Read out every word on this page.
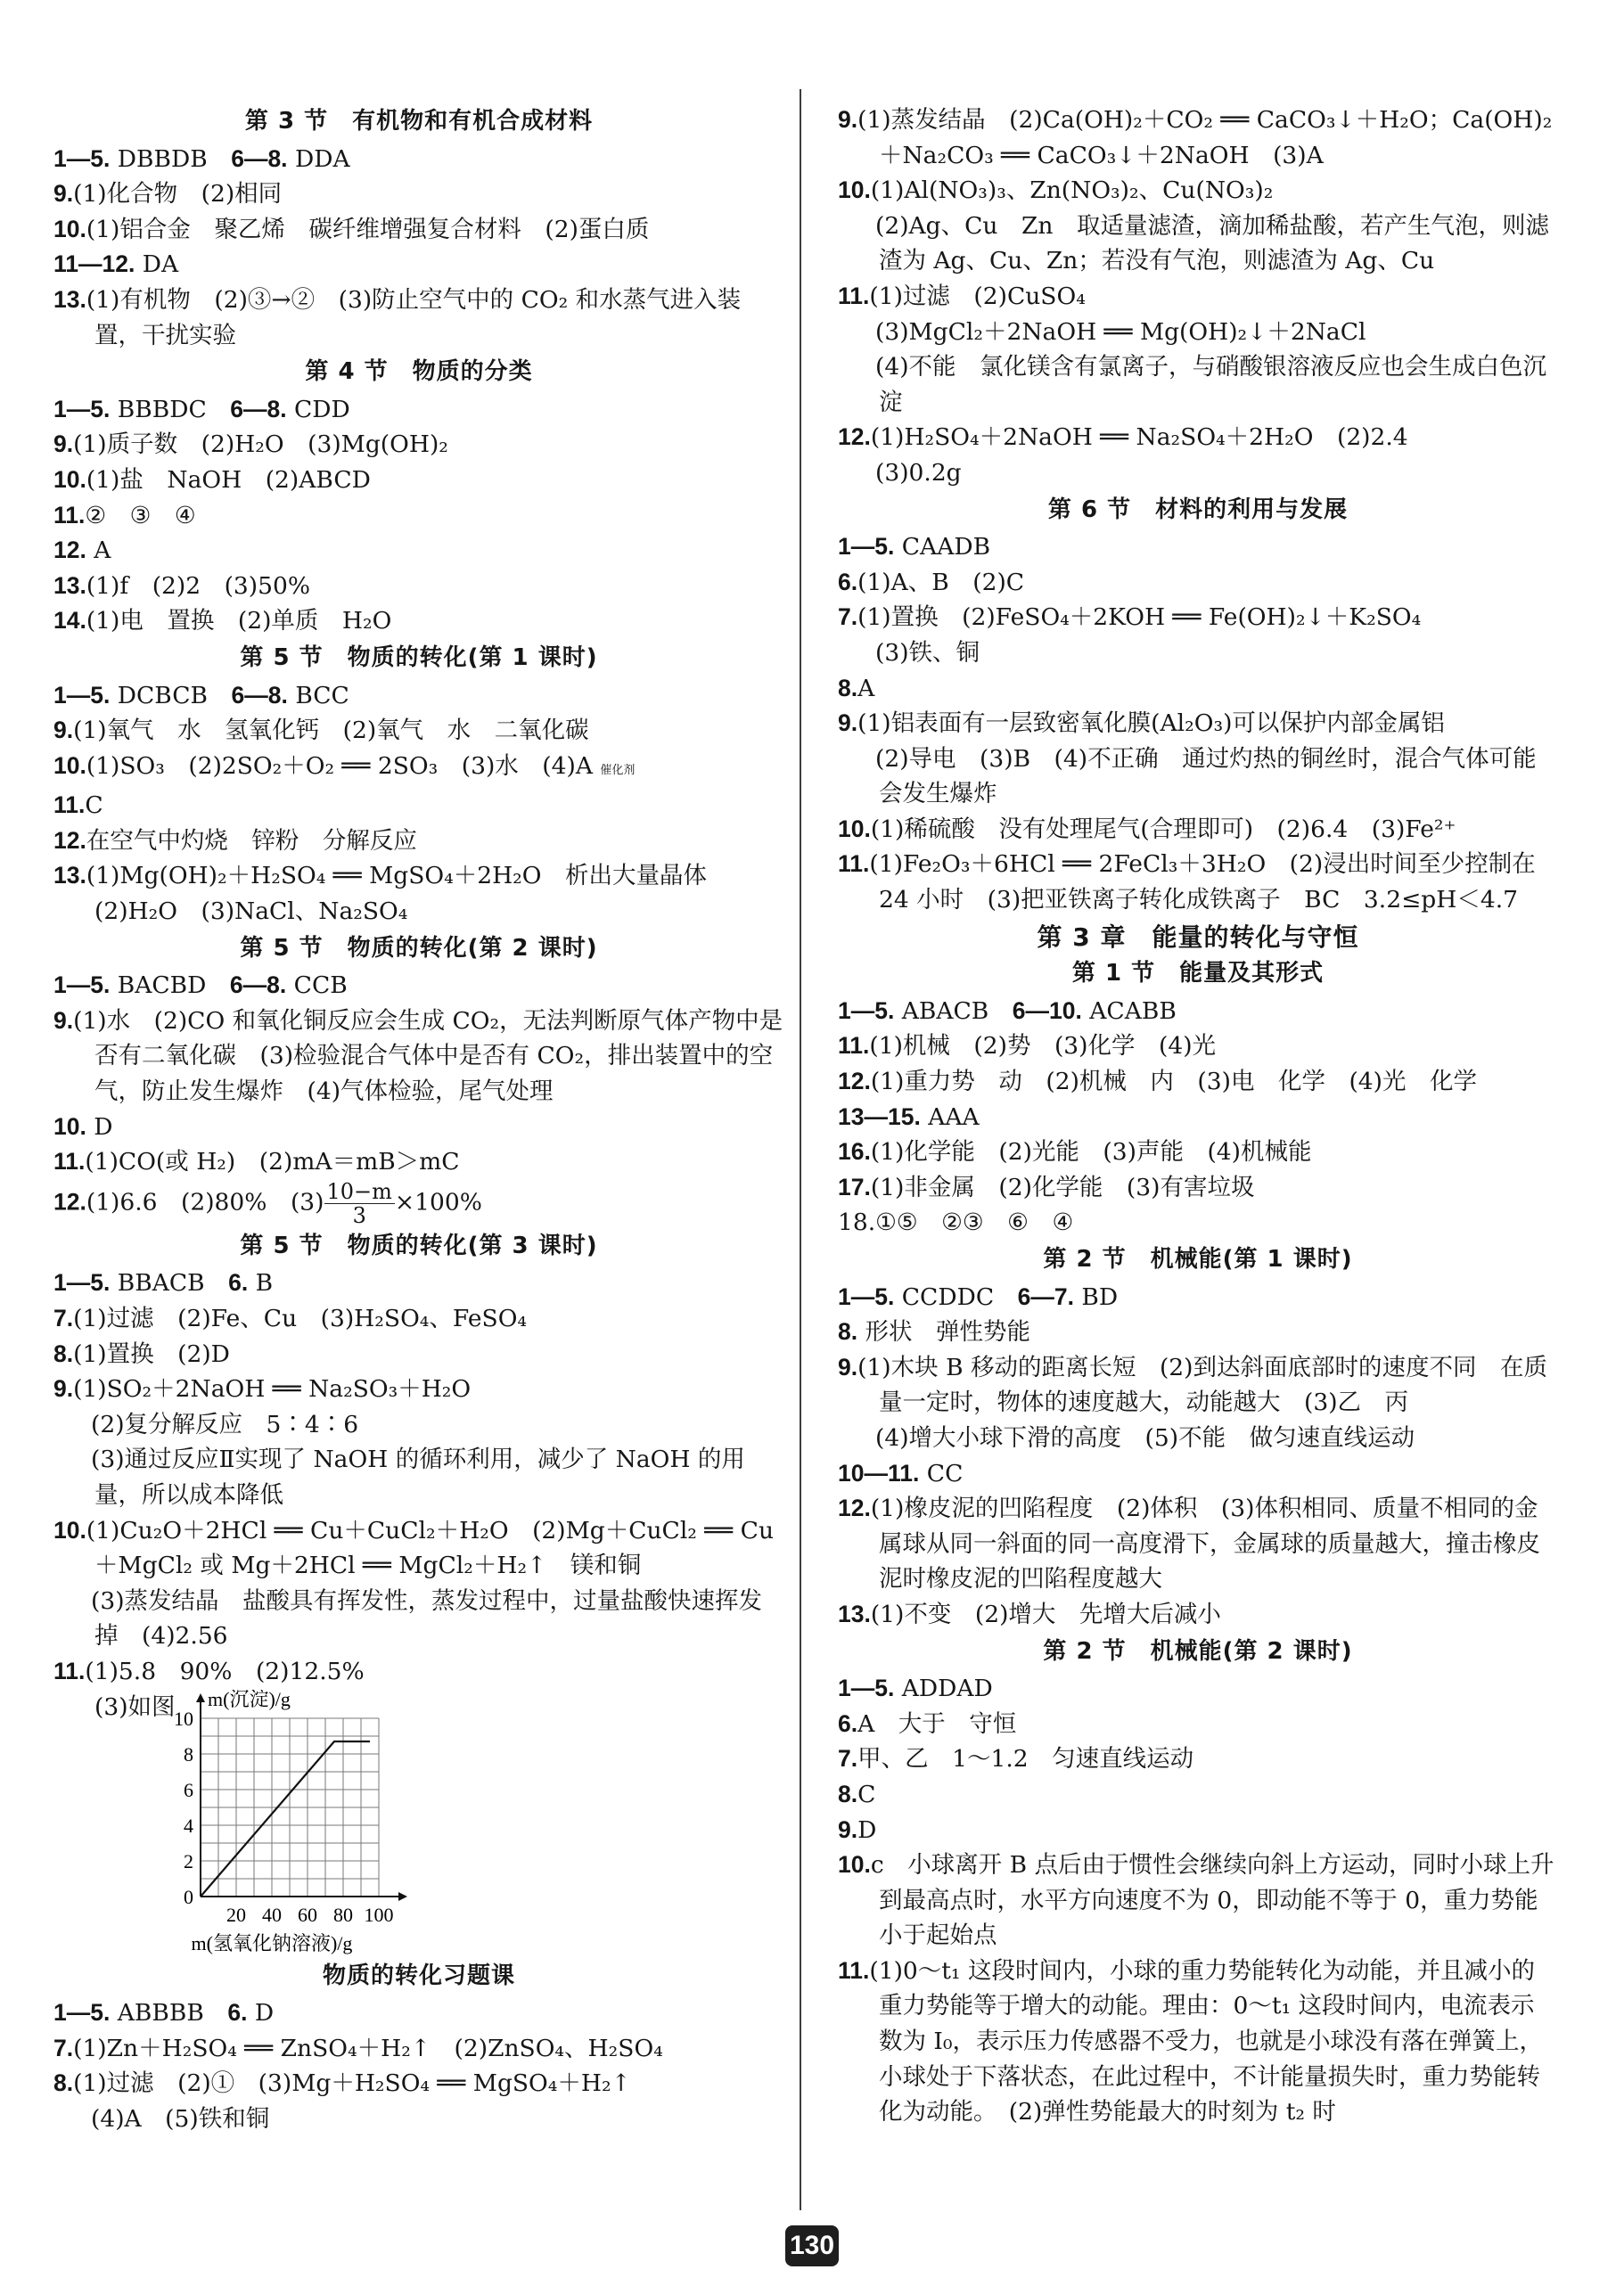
第 3 节　有机物和有机合成材料
1—5. DBBDB　6—8. DDA
9.(1)化合物　(2)相同
10.(1)铝合金　聚乙烯　碳纤维增强复合材料　(2)蛋白质
11—12. DA
13.(1)有机物　(2)③→②　(3)防止空气中的 CO₂ 和水蒸气进入装置，干扰实验
第 4 节　物质的分类
1—5. BBBDC　6—8. CDD
9.(1)质子数　(2)H₂O　(3)Mg(OH)₂
10.(1)盐　NaOH　(2)ABCD
11.②　③　④
12. A
13.(1)f　(2)2　(3)50%
14.(1)电　置换　(2)单质　H₂O
第 5 节　物质的转化(第 1 课时)
1—5. DCBCB　6—8. BCC
9.(1)氧气　水　氢氧化钙　(2)氧气　水　二氧化碳
10.(1)SO₃　(2)2SO₂＋O₂ ══ 2SO₃　(3)水　(4)A 催化剂
11.C
12.在空气中灼烧　锌粉　分解反应
13.(1)Mg(OH)₂＋H₂SO₄ ══ MgSO₄＋2H₂O　析出大量晶体　(2)H₂O　(3)NaCl、Na₂SO₄
第 5 节　物质的转化(第 2 课时)
1—5. BACBD　6—8. CCB
9.(1)水　(2)CO 和氧化铜反应会生成 CO₂，无法判断原气体产物中是否有二氧化碳　(3)检验混合气体中是否有 CO₂，排出装置中的空气，防止发生爆炸　(4)气体检验，尾气处理
10. D
11.(1)CO(或 H₂)　(2)mA＝mB＞mC
12.(1)6.6　(2)80%　$(3) \frac{10-m}{3} \times 100\%$
第 5 节　物质的转化(第 3 课时)
1—5. BBACB　6. B
7.(1)过滤　(2)Fe、Cu　(3)H₂SO₄、FeSO₄
8.(1)置换　(2)D
9.(1)SO₂＋2NaOH ══ Na₂SO₃＋H₂O
(2)复分解反应　5∶4∶6
(3)通过反应Ⅱ实现了 NaOH 的循环利用，减少了 NaOH 的用量，所以成本降低
10.(1)Cu₂O＋2HCl ══ Cu＋CuCl₂＋H₂O　(2)Mg＋CuCl₂ ══ Cu＋MgCl₂ 或 Mg＋2HCl ══ MgCl₂＋H₂↑　镁和铜
(3)蒸发结晶　盐酸具有挥发性，蒸发过程中，过量盐酸快速挥发掉　(4)2.56
11.(1)5.8　90%　(2)12.5%
(3)如图
0
2
4
6
8
10
20 40 60 80 100
m(沉淀)/g
m(氢氧化钠溶液)/g
物质的转化习题课
1—5. ABBBB　6. D
7.(1)Zn＋H₂SO₄ ══ ZnSO₄＋H₂↑　(2)ZnSO₄、H₂SO₄
8.(1)过滤　(2)①　(3)Mg＋H₂SO₄ ══ MgSO₄＋H₂↑
(4)A　(5)铁和铜
9.(1)蒸发结晶　(2)Ca(OH)₂＋CO₂ ══ CaCO₃↓＋H₂O；Ca(OH)₂＋Na₂CO₃ ══ CaCO₃↓＋2NaOH　(3)A
10.(1)Al(NO₃)₃、Zn(NO₃)₂、Cu(NO₃)₂
(2)Ag、Cu　Zn　取适量滤渣，滴加稀盐酸，若产生气泡，则滤渣为 Ag、Cu、Zn；若没有气泡，则滤渣为 Ag、Cu
11.(1)过滤　(2)CuSO₄
(3)MgCl₂＋2NaOH ══ Mg(OH)₂↓＋2NaCl
(4)不能　氯化镁含有氯离子，与硝酸银溶液反应也会生成白色沉淀
12.(1)H₂SO₄＋2NaOH ══ Na₂SO₄＋2H₂O　(2)2.4
(3)0.2g
第 6 节　材料的利用与发展
1—5. CAADB
6.(1)A、B　(2)C
7.(1)置换　(2)FeSO₄＋2KOH ══ Fe(OH)₂↓＋K₂SO₄
(3)铁、铜
8.A
9.(1)铝表面有一层致密氧化膜(Al₂O₃)可以保护内部金属铝
(2)导电　(3)B　(4)不正确　通过灼热的铜丝时，混合气体可能会发生爆炸
10.(1)稀硫酸　没有处理尾气(合理即可)　(2)6.4　(3)Fe²⁺
11.(1)Fe₂O₃＋6HCl ══ 2FeCl₃＋3H₂O　(2)浸出时间至少控制在 24 小时　(3)把亚铁离子转化成铁离子　BC　3.2≤pH＜4.7
第 3 章　能量的转化与守恒
第 1 节　能量及其形式
1—5. ABACB　6—10. ACABB
11.(1)机械　(2)势　(3)化学　(4)光
12.(1)重力势　动　(2)机械　内　(3)电　化学　(4)光　化学
13—15. AAA
16.(1)化学能　(2)光能　(3)声能　(4)机械能
17.(1)非金属　(2)化学能　(3)有害垃圾
18.①⑤　②③　⑥　④
第 2 节　机械能(第 1 课时)
1—5. CCDDC　6—7. BD
8. 形状　弹性势能
9.(1)木块 B 移动的距离长短　(2)到达斜面底部时的速度不同　在质量一定时，物体的速度越大，动能越大　(3)乙　丙
(4)增大小球下滑的高度　(5)不能　做匀速直线运动
10—11. CC
12.(1)橡皮泥的凹陷程度　(2)体积　(3)体积相同、质量不相同的金属球从同一斜面的同一高度滑下，金属球的质量越大，撞击橡皮泥时橡皮泥的凹陷程度越大
13.(1)不变　(2)增大　先增大后减小
第 2 节　机械能(第 2 课时)
1—5. ADDAD
6.A　大于　守恒
7.甲、乙　1～1.2　匀速直线运动
8.C
9.D
10.c　小球离开 B 点后由于惯性会继续向斜上方运动，同时小球上升到最高点时，水平方向速度不为 0，即动能不等于 0，重力势能小于起始点
11.(1)0～t₁ 这段时间内，小球的重力势能转化为动能，并且减小的重力势能等于增大的动能。理由：0～t₁ 这段时间内，电流表示数为 I₀，表示压力传感器不受力，也就是小球没有落在弹簧上，小球处于下落状态，在此过程中，不计能量损失时，重力势能转化为动能。　(2)弹性势能最大的时刻为 t₂ 时
130
